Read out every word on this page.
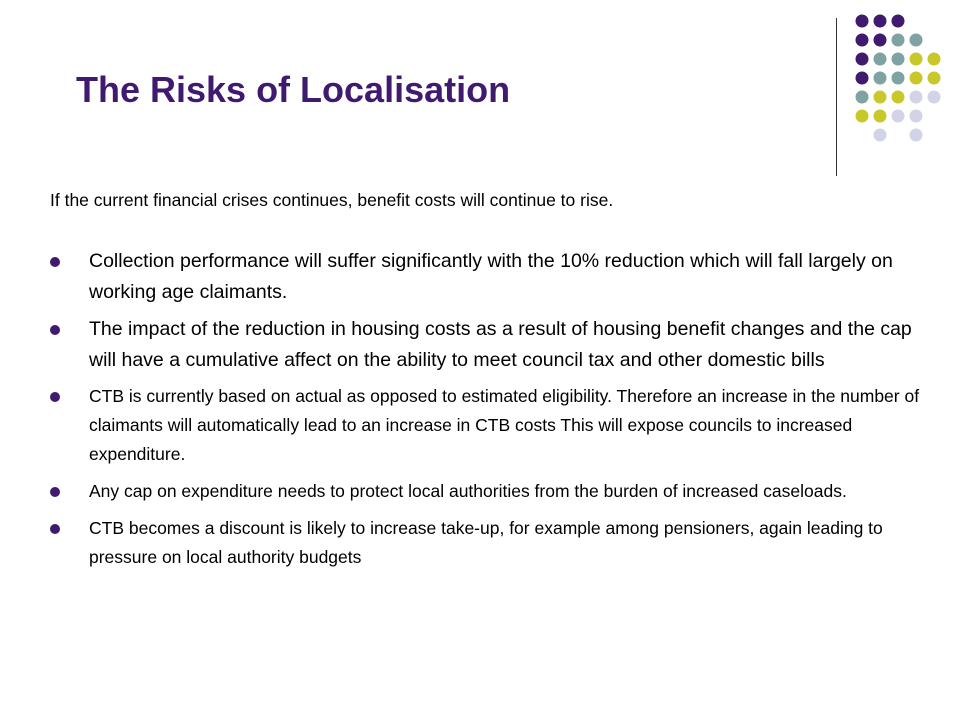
The Risks of Localisation

If the current financial crises continues, benefit costs will continue to rise.

Collection performance will suffer significantly with the 10% reduction which will fall largely on working age claimants.
The impact of the reduction in housing costs as a result of housing benefit changes and the cap will have a cumulative affect on the ability to meet council tax and other domestic bills
CTB is currently based on actual as opposed to estimated eligibility. Therefore an increase in the number of claimants will automatically lead to an increase in CTB costs This will expose councils to increased expenditure.
Any cap on expenditure needs to protect local authorities from the burden of increased caseloads.
CTB becomes a discount is likely to increase take-up, for example among pensioners, again leading to pressure on local authority budgets
